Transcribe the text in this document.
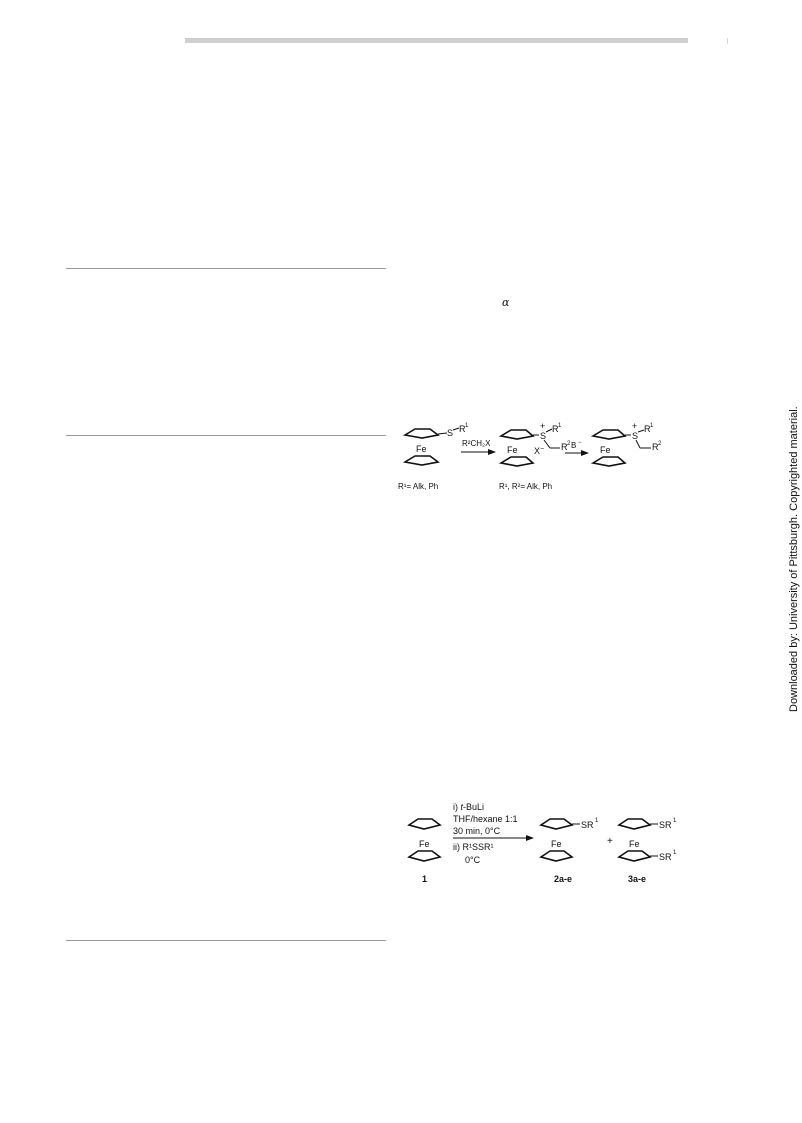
α
Downloaded by: University of Pittsburgh. Copyrighted material.
Fe
S R 1
R¹= Alk, Ph
R²CH₂X
Fe
S
+ R 1
R 2
X −
R¹, R²= Alk, Ph
B −
Fe
S
+ R 1
R 2
Fe
1
i) t-BuLi
THF/hexane 1:1
30 min, 0°C
ii) R¹SSR¹
0°C
Fe
SR 1
2a-e
+ Fe
SR 1
SR 1
3a-e
